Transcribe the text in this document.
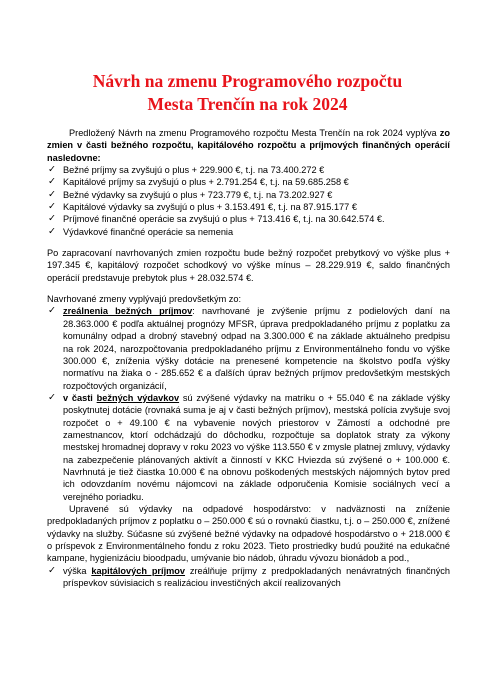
Návrh na zmenu Programového rozpočtu
Mesta Trenčín na rok 2024

Predložený Návrh na zmenu Programového rozpočtu Mesta Trenčín na rok 2024 vyplýva zo zmien v časti bežného rozpočtu, kapitálového rozpočtu a príjmových finančných operácií nasledovne:

✓ Bežné príjmy sa zvyšujú o plus + 229.900 €, t.j. na 73.400.272 €
✓ Kapitálové príjmy sa zvyšujú o plus + 2.791.254 €, t.j. na 59.685.258 €
✓ Bežné výdavky sa zvyšujú o plus + 723.779 €, t.j. na 73.202.927 €
✓ Kapitálové výdavky sa zvyšujú o plus + 3.153.491 €, t.j. na 87.915.177 €
✓ Príjmové finančné operácie sa zvyšujú o plus + 713.416 €, t.j. na 30.642.574 €.
✓ Výdavkové finančné operácie sa nemenia

Po zapracovaní navrhovaných zmien rozpočtu bude bežný rozpočet prebytkový vo výške plus + 197.345 €, kapitálový rozpočet schodkový vo výške mínus – 28.229.919 €, saldo finančných operácií predstavuje prebytok plus + 28.032.574 €.

Navrhované zmeny vyplývajú predovšetkým zo:

✓ zreálnenia bežných príjmov: navrhované je zvýšenie príjmu z podielových daní na 28.363.000 € podľa aktuálnej prognózy MFSR, úprava predpokladaného príjmu z poplatku za komunálny odpad a drobný stavebný odpad na 3.300.000 € na základe aktuálneho predpisu na rok 2024, narozpočtovania predpokladaného príjmu z Environmentálneho fondu vo výške 300.000 €, zníženia výšky dotácie na prenesené kompetencie na školstvo podľa výšky normatívu na žiaka o - 285.652 € a ďalších úprav bežných príjmov predovšetkým mestských rozpočtových organizácií,
✓ v časti bežných výdavkov sú zvýšené výdavky na matriku o + 55.040 € na základe výšky poskytnutej dotácie (rovnaká suma je aj v časti bežných príjmov), mestská polícia zvyšuje svoj rozpočet o + 49.100 € na vybavenie nových priestorov v Zámostí a odchodné pre zamestnancov, ktorí odchádzajú do dôchodku, rozpočtuje sa doplatok straty za výkony mestskej hromadnej dopravy v roku 2023 vo výške 113.550 € v zmysle platnej zmluvy, výdavky na zabezpečenie plánovaných aktivít a činností v KKC Hviezda sú zvýšené o + 100.000 €. Navrhnutá je tiež čiastka 10.000 € na obnovu poškodených mestských nájomných bytov pred ich odovzdaním novému nájomcovi na základe odporučenia Komisie sociálnych vecí a verejného poriadku.

Upravené sú výdavky na odpadové hospodárstvo: v nadväznosti na zníženie predpokladaných príjmov z poplatku o – 250.000 € sú o rovnakú čiastku, t.j. o – 250.000 €, znížené výdavky na služby. Súčasne sú zvýšené bežné výdavky na odpadové hospodárstvo o + 218.000 € o príspevok z Environmentálneho fondu z roku 2023. Tieto prostriedky budú použité na edukačné kampane, hygienizáciu bioodpadu, umývanie bio nádob, úhradu vývozu bionádob a pod.,

✓ výška kapitálových príjmov zreálňuje príjmy z predpokladaných nenávratných finančných príspevkov súvisiacich s realizáciou investičných akcií realizovaných
